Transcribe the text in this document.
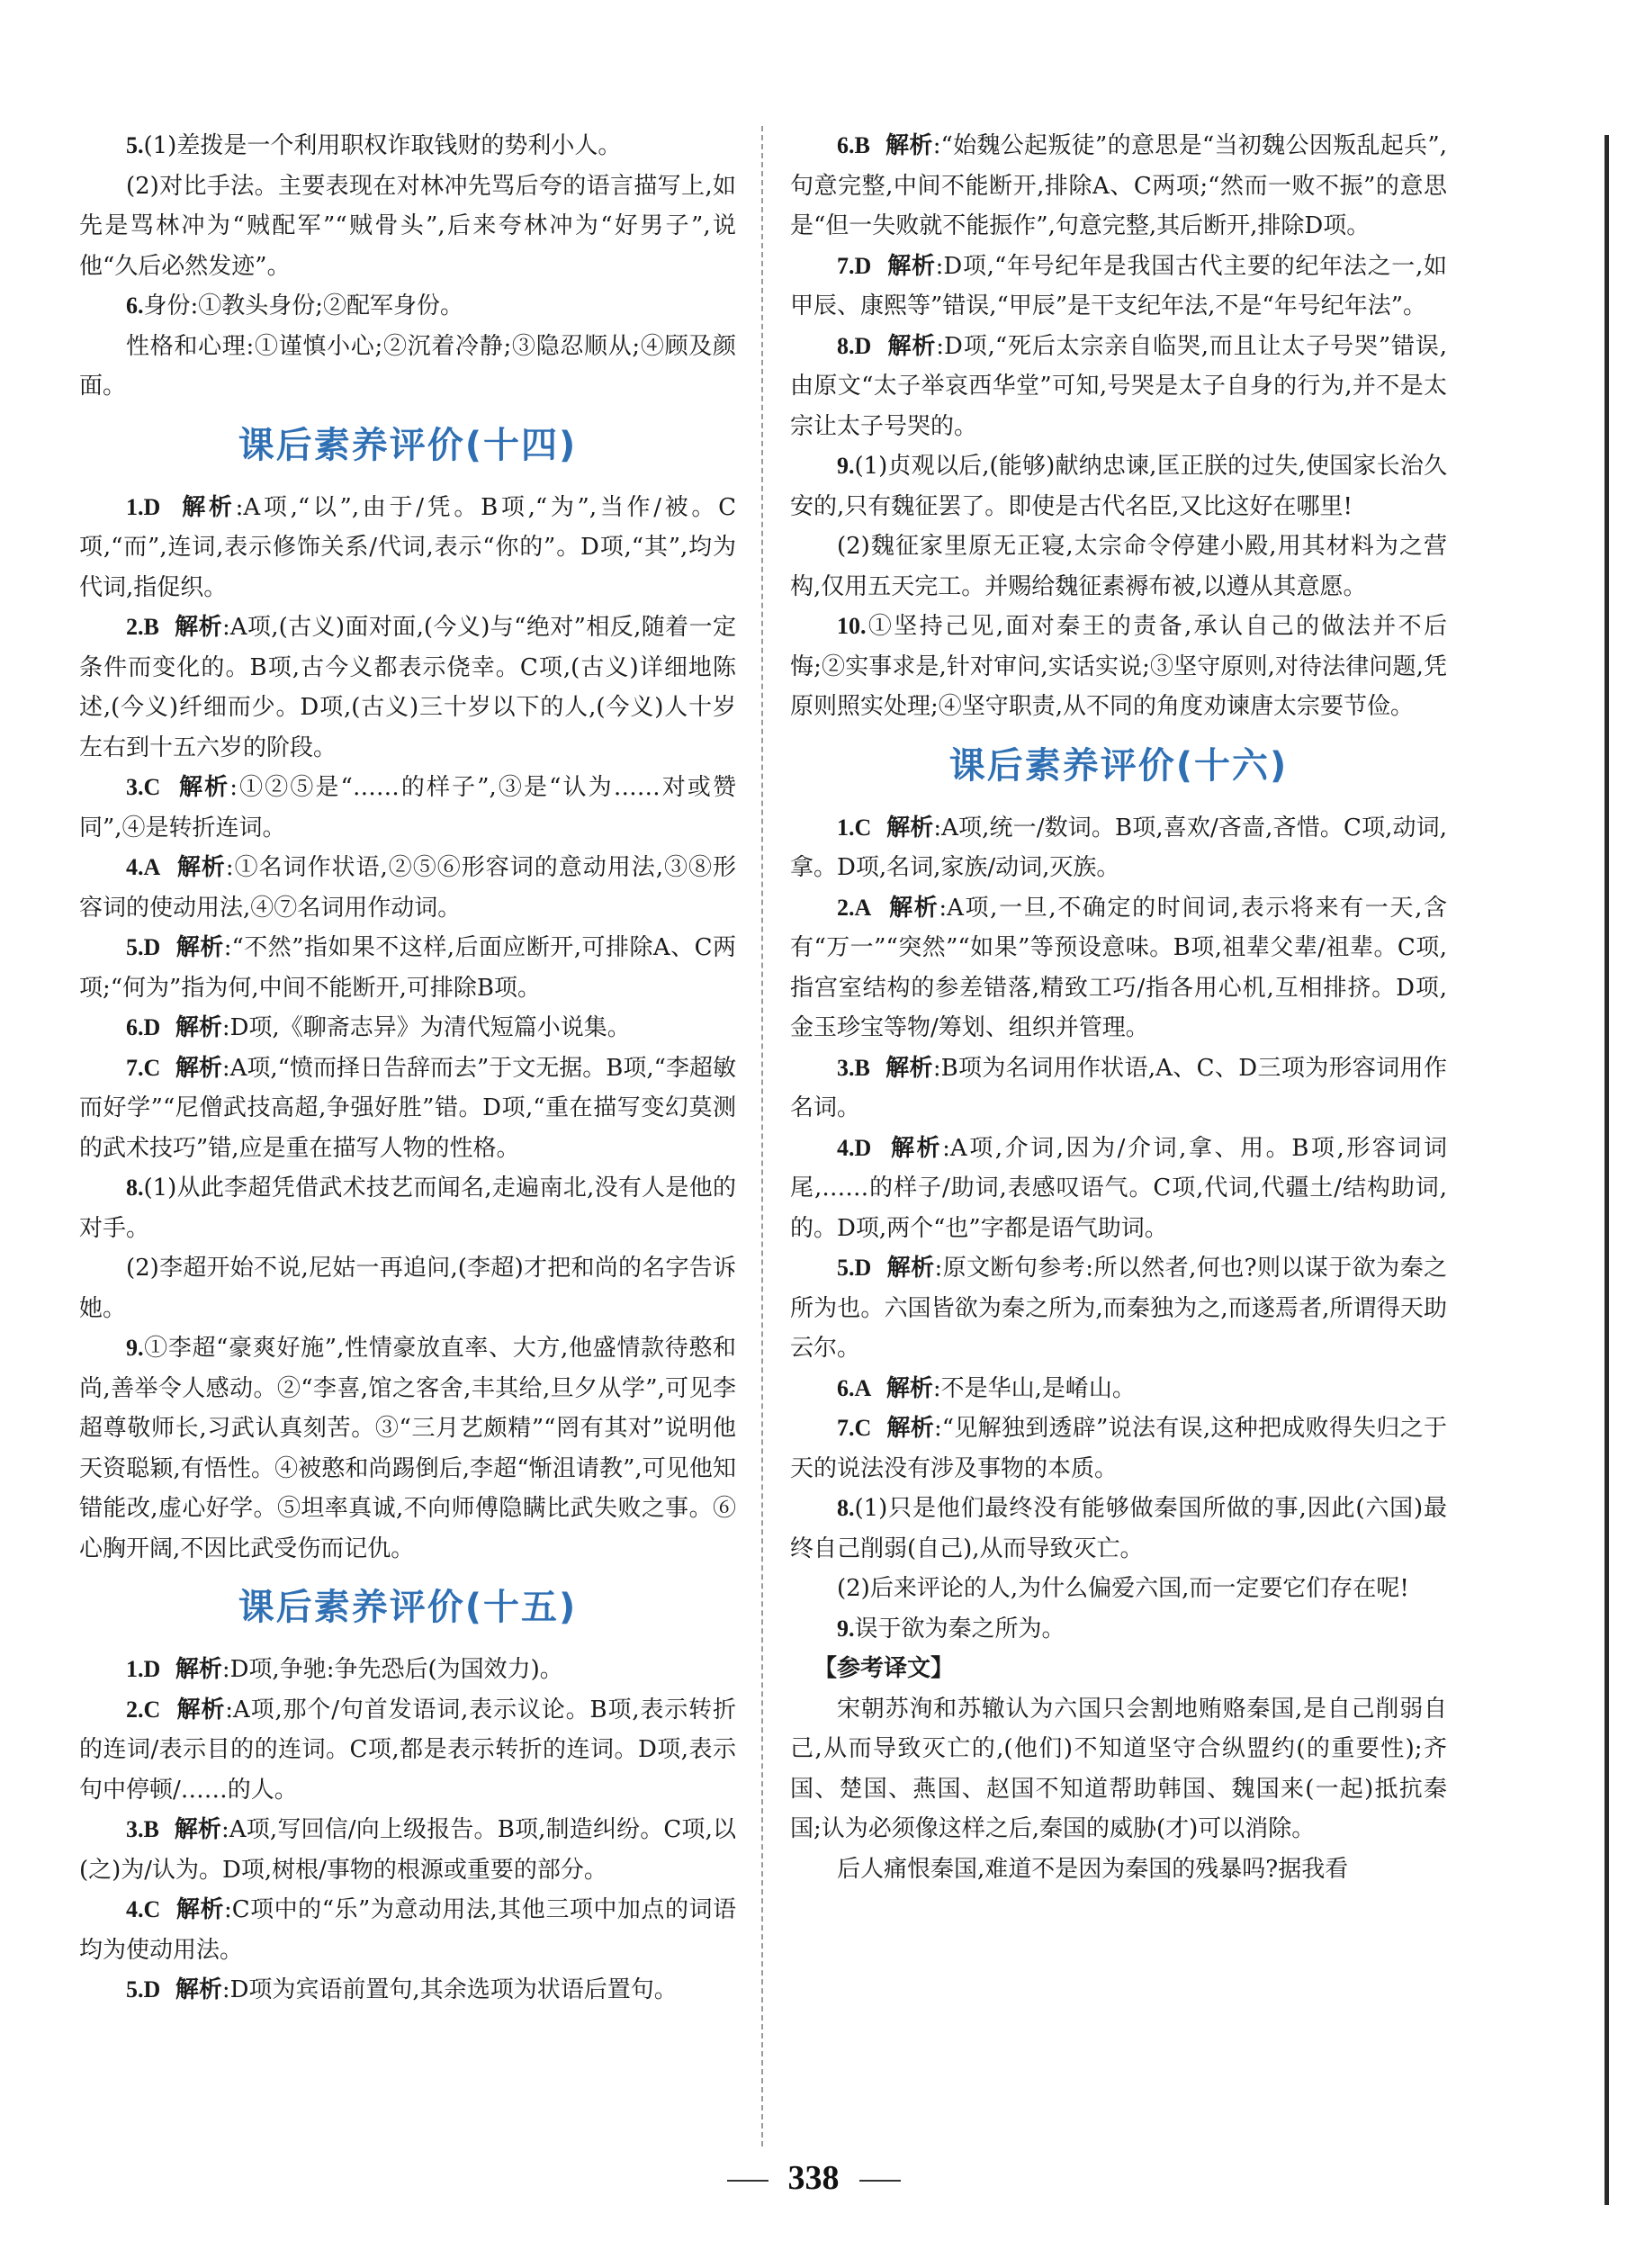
5.(1)差拨是一个利用职权诈取钱财的势利小人。

(2)对比手法。主要表现在对林冲先骂后夸的语言描写上,如先是骂林冲为“贼配军”“贼骨头”,后来夸林冲为“好男子”,说他“久后必然发迹”。

6.身份:①教头身份;②配军身份。

性格和心理:①谨慎小心;②沉着冷静;③隐忍顺从;④顾及颜面。

课后素养评价(十四)

1.D 解析:A项,“以”,由于/凭。B项,“为”,当作/被。C项,“而”,连词,表示修饰关系/代词,表示“你的”。D项,“其”,均为代词,指促织。

2.B 解析:A项,(古义)面对面,(今义)与“绝对”相反,随着一定条件而变化的。B项,古今义都表示侥幸。C项,(古义)详细地陈述,(今义)纤细而少。D项,(古义)三十岁以下的人,(今义)人十岁左右到十五六岁的阶段。

3.C 解析:①②⑤是“……的样子”,③是“认为……对或赞同”,④是转折连词。

4.A 解析:①名词作状语,②⑤⑥形容词的意动用法,③⑧形容词的使动用法,④⑦名词用作动词。

5.D 解析:“不然”指如果不这样,后面应断开,可排除A、C两项;“何为”指为何,中间不能断开,可排除B项。

6.D 解析:D项,《聊斋志异》为清代短篇小说集。

7.C 解析:A项,“愤而择日告辞而去”于文无据。B项,“李超敏而好学”“尼僧武技高超,争强好胜”错。D项,“重在描写变幻莫测的武术技巧”错,应是重在描写人物的性格。

8.(1)从此李超凭借武术技艺而闻名,走遍南北,没有人是他的对手。

(2)李超开始不说,尼姑一再追问,(李超)才把和尚的名字告诉她。

9.①李超“豪爽好施”,性情豪放直率、大方,他盛情款待憨和尚,善举令人感动。②“李喜,馆之客舍,丰其给,旦夕从学”,可见李超尊敬师长,习武认真刻苦。③“三月艺颇精”“罔有其对”说明他天资聪颖,有悟性。④被憨和尚踢倒后,李超“惭沮请教”,可见他知错能改,虚心好学。⑤坦率真诚,不向师傅隐瞒比武失败之事。⑥心胸开阔,不因比武受伤而记仇。

课后素养评价(十五)

1.D 解析:D项,争驰:争先恐后(为国效力)。

2.C 解析:A项,那个/句首发语词,表示议论。B项,表示转折的连词/表示目的的连词。C项,都是表示转折的连词。D项,表示句中停顿/……的人。

3.B 解析:A项,写回信/向上级报告。B项,制造纠纷。C项,以(之)为/认为。D项,树根/事物的根源或重要的部分。

4.C 解析:C项中的“乐”为意动用法,其他三项中加点的词语均为使动用法。

5.D 解析:D项为宾语前置句,其余选项为状语后置句。

6.B 解析:“始魏公起叛徒”的意思是“当初魏公因叛乱起兵”,句意完整,中间不能断开,排除A、C两项;“然而一败不振”的意思是“但一失败就不能振作”,句意完整,其后断开,排除D项。

7.D 解析:D项,“年号纪年是我国古代主要的纪年法之一,如甲辰、康熙等”错误,“甲辰”是干支纪年法,不是“年号纪年法”。

8.D 解析:D项,“死后太宗亲自临哭,而且让太子号哭”错误,由原文“太子举哀西华堂”可知,号哭是太子自身的行为,并不是太宗让太子号哭的。

9.(1)贞观以后,(能够)献纳忠谏,匡正朕的过失,使国家长治久安的,只有魏征罢了。即使是古代名臣,又比这好在哪里!

(2)魏征家里原无正寝,太宗命令停建小殿,用其材料为之营构,仅用五天完工。并赐给魏征素褥布被,以遵从其意愿。

10.①坚持己见,面对秦王的责备,承认自己的做法并不后悔;②实事求是,针对审问,实话实说;③坚守原则,对待法律问题,凭原则照实处理;④坚守职责,从不同的角度劝谏唐太宗要节俭。

课后素养评价(十六)

1.C 解析:A项,统一/数词。B项,喜欢/吝啬,吝惜。C项,动词,拿。D项,名词,家族/动词,灭族。

2.A 解析:A项,一旦,不确定的时间词,表示将来有一天,含有“万一”“突然”“如果”等预设意味。B项,祖辈父辈/祖辈。C项,指宫室结构的参差错落,精致工巧/指各用心机,互相排挤。D项,金玉珍宝等物/筹划、组织并管理。

3.B 解析:B项为名词用作状语,A、C、D三项为形容词用作名词。

4.D 解析:A项,介词,因为/介词,拿、用。B项,形容词词尾,……的样子/助词,表感叹语气。C项,代词,代疆土/结构助词,的。D项,两个“也”字都是语气助词。

5.D 解析:原文断句参考:所以然者,何也?则以谋于欲为秦之所为也。六国皆欲为秦之所为,而秦独为之,而遂焉者,所谓得天助云尔。

6.A 解析:不是华山,是崤山。

7.C 解析:“见解独到透辟”说法有误,这种把成败得失归之于天的说法没有涉及事物的本质。

8.(1)只是他们最终没有能够做秦国所做的事,因此(六国)最终自己削弱(自己),从而导致灭亡。

(2)后来评论的人,为什么偏爱六国,而一定要它们存在呢!

9.误于欲为秦之所为。

【参考译文】

宋朝苏洵和苏辙认为六国只会割地贿赂秦国,是自己削弱自己,从而导致灭亡的,(他们)不知道坚守合纵盟约(的重要性);齐国、楚国、燕国、赵国不知道帮助韩国、魏国来(一起)抵抗秦国;认为必须像这样之后,秦国的威胁(才)可以消除。

后人痛恨秦国,难道不是因为秦国的残暴吗?据我看

338
